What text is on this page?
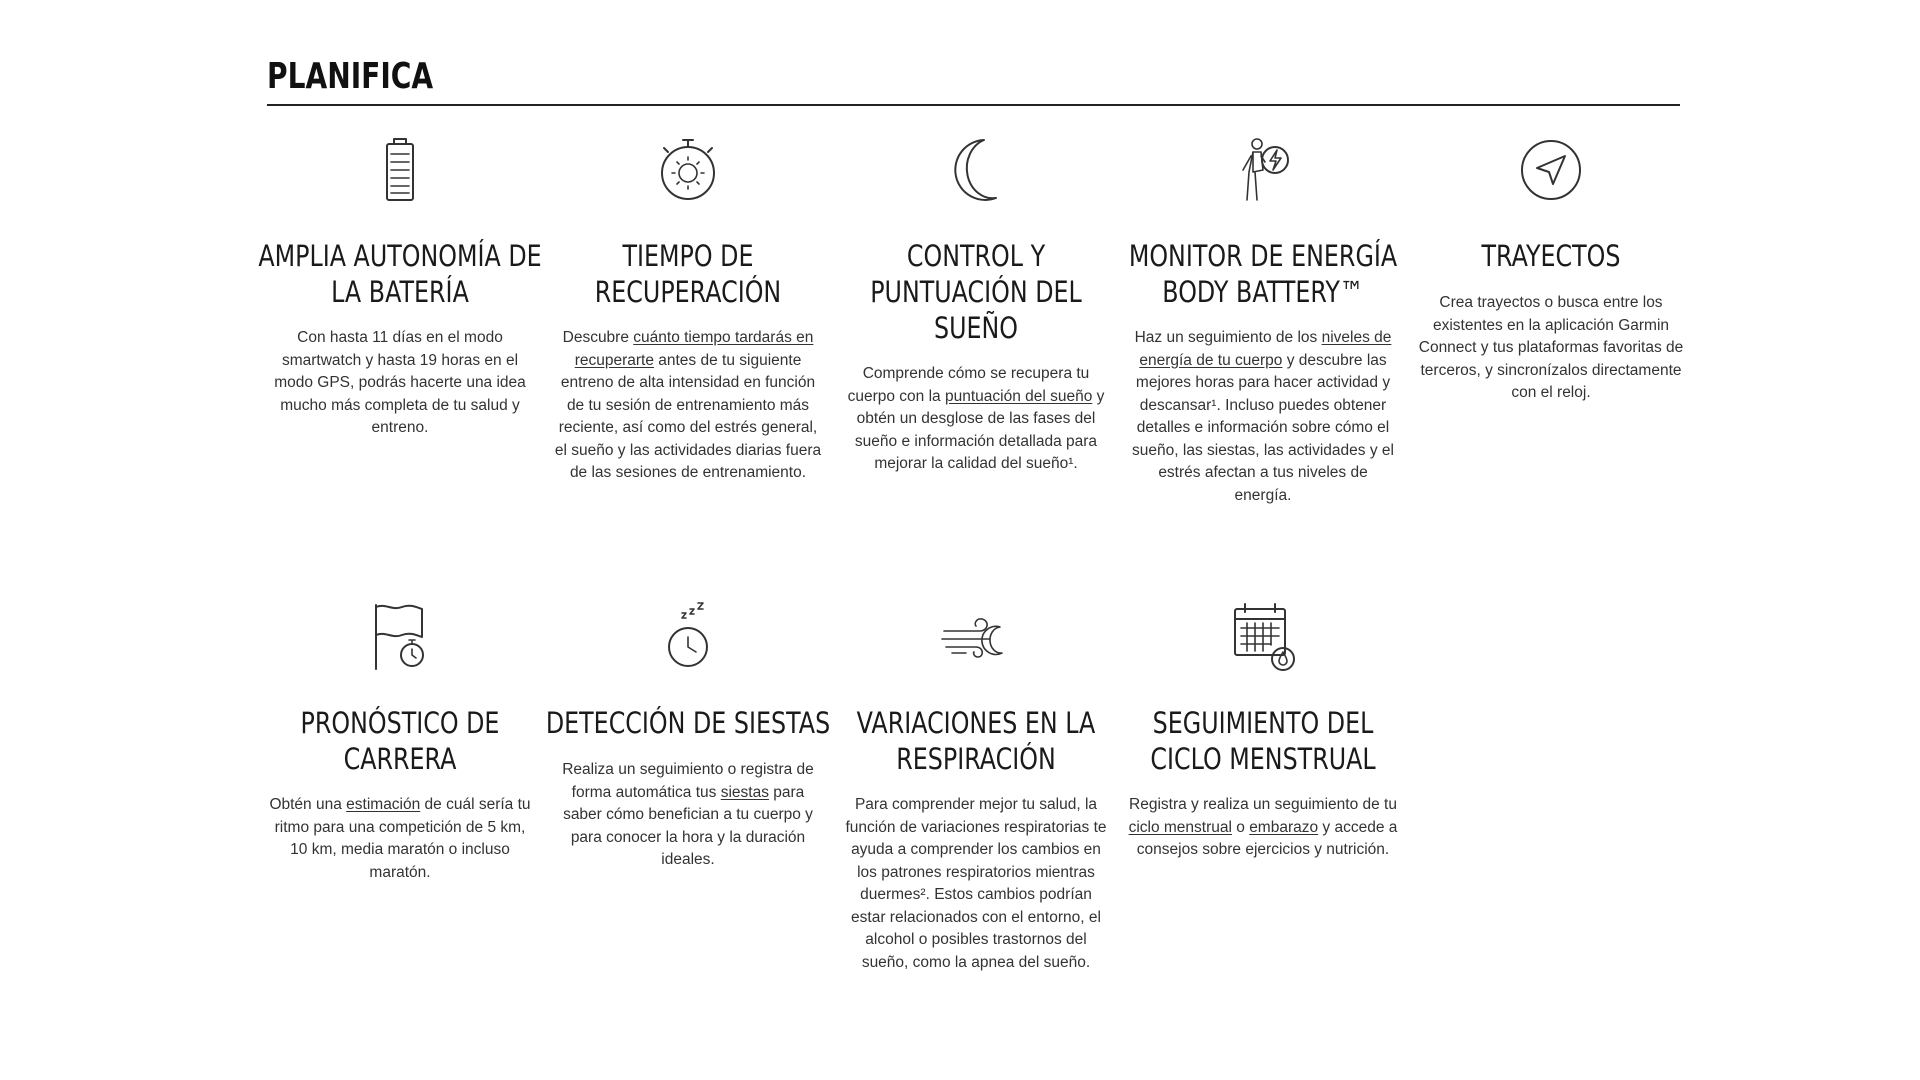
PLANIFICA
AMPLIA AUTONOMÍA DE
LA BATERÍA

Con hasta 11 días en el modo smartwatch y hasta 19 horas en el modo GPS, podrás hacerte una idea mucho más completa de tu salud y entreno.

TIEMPO DE
RECUPERACIÓN

Descubre cuánto tiempo tardarás en recuperarte antes de tu siguiente entreno de alta intensidad en función de tu sesión de entrenamiento más reciente, así como del estrés general, el sueño y las actividades diarias fuera de las sesiones de entrenamiento.

CONTROL Y
PUNTUACIÓN DEL
SUEÑO

Comprende cómo se recupera tu cuerpo con la puntuación del sueño y obtén un desglose de las fases del sueño e información detallada para mejorar la calidad del sueño¹.

MONITOR DE ENERGÍA
BODY BATTERY™

Haz un seguimiento de los niveles de energía de tu cuerpo y descubre las mejores horas para hacer actividad y descansar¹. Incluso puedes obtener detalles e información sobre cómo el sueño, las siestas, las actividades y el estrés afectan a tus niveles de energía.

TRAYECTOS

Crea trayectos o busca entre los existentes en la aplicación Garmin Connect y tus plataformas favoritas de terceros, y sincronízalos directamente con el reloj.

PRONÓSTICO DE
CARRERA

Obtén una estimación de cuál sería tu ritmo para una competición de 5 km, 10 km, media maratón o incluso maratón.

DETECCIÓN DE SIESTAS

Realiza un seguimiento o registra de forma automática tus siestas para saber cómo benefician a tu cuerpo y para conocer la hora y la duración ideales.

VARIACIONES EN LA
RESPIRACIÓN

Para comprender mejor tu salud, la función de variaciones respiratorias te ayuda a comprender los cambios en los patrones respiratorios mientras duermes². Estos cambios podrían estar relacionados con el entorno, el alcohol o posibles trastornos del sueño, como la apnea del sueño.

SEGUIMIENTO DEL
CICLO MENSTRUAL

Registra y realiza un seguimiento de tu ciclo menstrual o embarazo y accede a consejos sobre ejercicios y nutrición.
